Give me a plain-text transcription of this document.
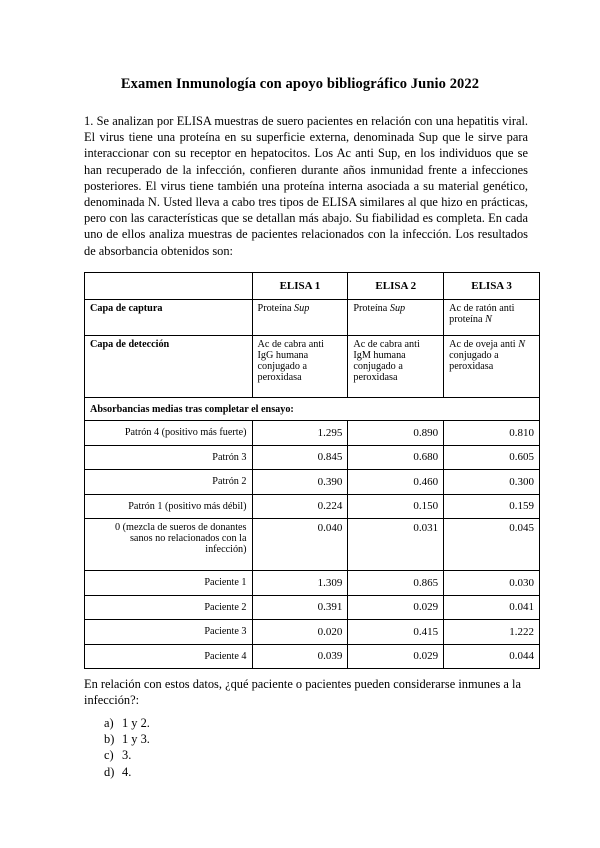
Examen Inmunología con apoyo bibliográfico Junio 2022

1. Se analizan por ELISA muestras de suero pacientes en relación con una hepatitis viral. El virus tiene una proteína en su superficie externa, denominada Sup que le sirve para interaccionar con su receptor en hepatocitos. Los Ac anti Sup, en los individuos que se han recuperado de la infección, confieren durante años inmunidad frente a infecciones posteriores. El virus tiene también una proteína interna asociada a su material genético, denominada N. Usted lleva a cabo tres tipos de ELISA similares al que hizo en prácticas, pero con las características que se detallan más abajo. Su fiabilidad es completa. En cada uno de ellos analiza muestras de pacientes relacionados con la infección. Los resultados de absorbancia obtenidos son:

	ELISA 1	ELISA 2	ELISA 3
Capa de captura	Proteína Sup	Proteína Sup	Ac de ratón anti proteína N
Capa de detección	Ac de cabra anti IgG humana conjugado a peroxidasa	Ac de cabra anti IgM humana conjugado a peroxidasa	Ac de oveja anti N conjugado a peroxidasa
Absorbancias medias tras completar el ensayo:			
Patrón 4 (positivo más fuerte)	1.295	0.890	0.810
Patrón 3	0.845	0.680	0.605
Patrón 2	0.390	0.460	0.300
Patrón 1 (positivo más débil)	0.224	0.150	0.159
0 (mezcla de sueros de donantes sanos no relacionados con la infección)	0.040	0.031	0.045
Paciente 1	1.309	0.865	0.030
Paciente 2	0.391	0.029	0.041
Paciente 3	0.020	0.415	1.222
Paciente 4	0.039	0.029	0.044

En relación con estos datos, ¿qué paciente o pacientes pueden considerarse inmunes a la infección?:

a) 1 y 2.
b) 1 y 3.
c) 3.
d) 4.
